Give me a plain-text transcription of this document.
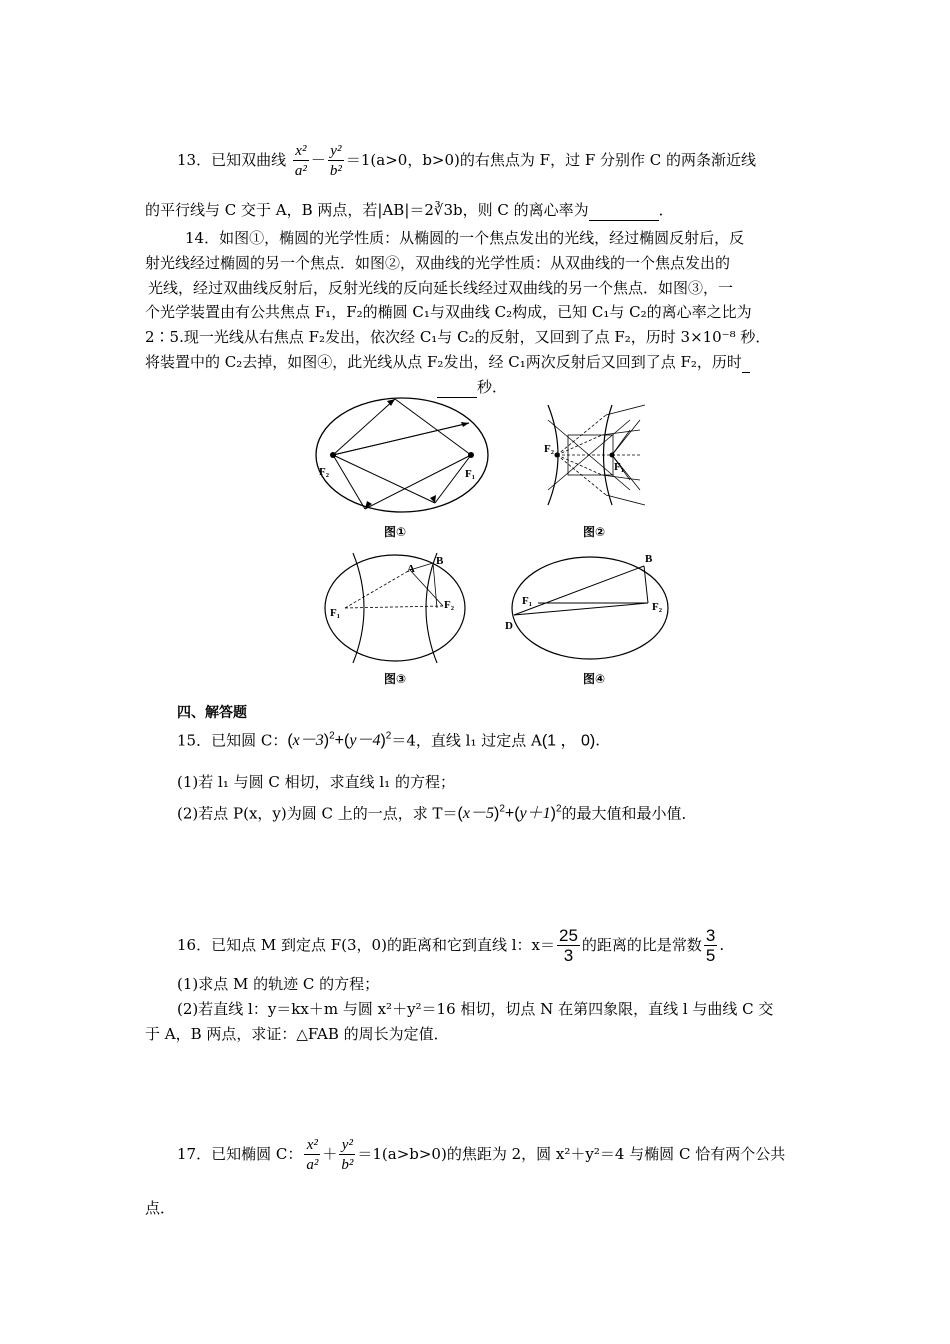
13．已知双曲线 $\frac{\text{x²}}{\text{a²}} - \frac{\text{y²}}{\text{b²}} =1(a>0$，b>0)的右焦点为 F，过 F 分别作 C 的两条渐近线
的平行线与 C 交于 A，B 两点，若|AB|＝2∛3b，则 C 的离心率为	．
14．如图①，椭圆的光学性质：从椭圆的一个焦点发出的光线，经过椭圆反射后，反
射光线经过椭圆的另一个焦点．如图②，双曲线的光学性质：从双曲线的一个焦点发出的
光线，经过双曲线反射后，反射光线的反向延长线经过双曲线的另一个焦点．如图③，一
个光学装置由有公共焦点 F₁，F₂的椭圆 C₁与双曲线 C₂构成，已知 C₁与 C₂的离心率之比为
2∶5.现一光线从右焦点 F₂发出，依次经 C₁与 C₂的反射，又回到了点 F₂，历时 3×10⁻⁸ 秒．
将装置中的 C₂去掉，如图④，此光线从点 F₂发出，经 C₁两次反射后又回到了点 F₂，历时
秒．
F₂	F₁
图①
F₂
F₁
图②
A
B
F₁
F₂
图③
B
D
F₁	F₂
图④
四、解答题
15．已知圆 C：$(x-3)^2+(y-4)^2=4$，直线 l₁ 过定点 A(1 ， 0).
(1)若 l₁ 与圆 C 相切，求直线 l₁ 的方程；
(2)若点 P(x，y)为圆 C 上的一点，求 $T=(x-5)^2+(y+1)^2$的最大值和最小值．
16．已知点 M 到定点 F(3，0)的距离和它到直线 l：$x= \frac{25}{3}$ 的距离的比是常数 $\frac{3}{5}$ .
(1)求点 M 的轨迹 C 的方程；
(2)若直线 l：y＝kx＋m 与圆 x²＋y²＝16 相切，切点 N 在第四象限，直线 l 与曲线 C 交
于 A，B 两点，求证：△FAB 的周长为定值．
17．已知椭圆 C： $\frac{\text{x²}}{\text{a²}} + \frac{\text{y²}}{\text{b²}} =1(a>b>0)$的焦距为 2，圆 x²＋y²＝4 与椭圆 C 恰有两个公共
点．
